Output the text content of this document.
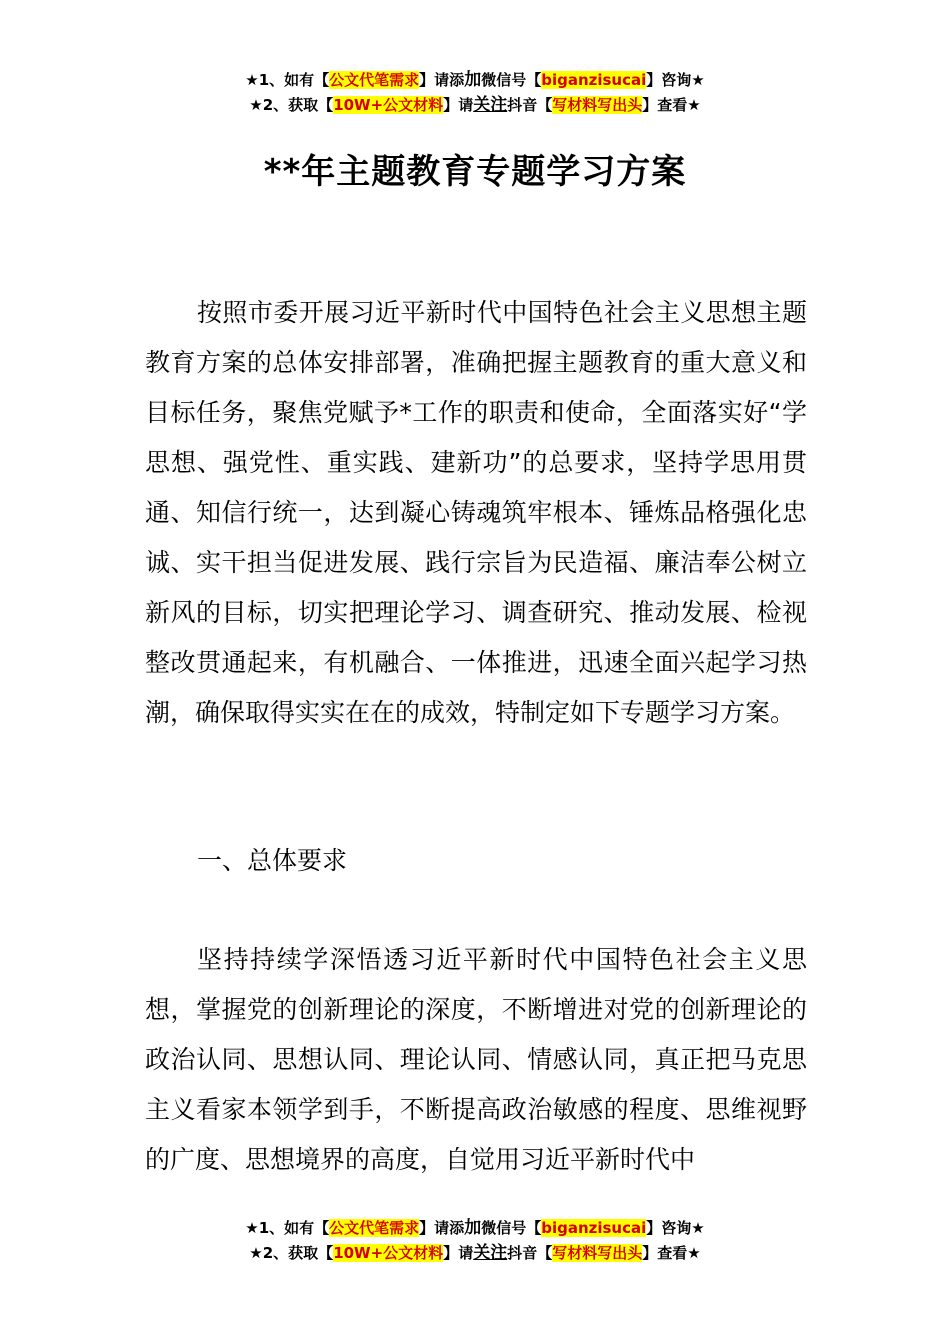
★1、如有【公文代笔需求】请添加微信号【biganzisucai】咨询★
★2、获取【10W+公文材料】请关注抖音【写材料写出头】查看★
**年主题教育专题学习方案

按照市委开展习近平新时代中国特色社会主义思想主题教育方案的总体安排部署，准确把握主题教育的重大意义和目标任务，聚焦党赋予*工作的职责和使命，全面落实好“学思想、强党性、重实践、建新功”的总要求，坚持学思用贯通、知信行统一，达到凝心铸魂筑牢根本、锤炼品格强化忠诚、实干担当促进发展、践行宗旨为民造福、廉洁奉公树立新风的目标，切实把理论学习、调查研究、推动发展、检视整改贯通起来，有机融合、一体推进，迅速全面兴起学习热潮，确保取得实实在在的成效，特制定如下专题学习方案。

一、总体要求

坚持持续学深悟透习近平新时代中国特色社会主义思想，掌握党的创新理论的深度，不断增进对党的创新理论的政治认同、思想认同、理论认同、情感认同，真正把马克思主义看家本领学到手，不断提高政治敏感的程度、思维视野的广度、思想境界的高度，自觉用习近平新时代中

★1、如有【公文代笔需求】请添加微信号【biganzisucai】咨询★
★2、获取【10W+公文材料】请关注抖音【写材料写出头】查看★
